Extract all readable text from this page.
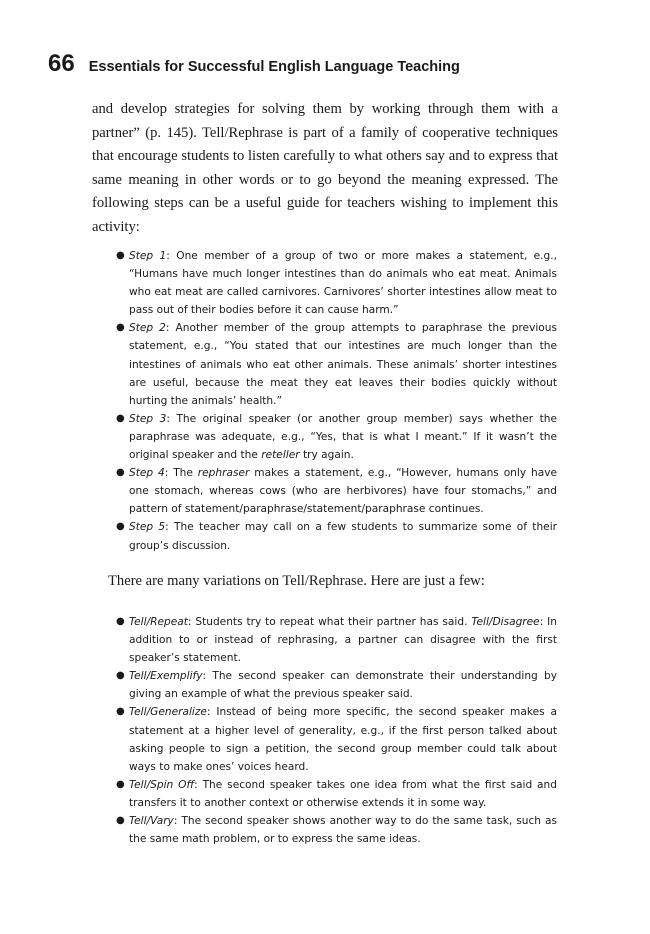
66 Essentials for Successful English Language Teaching

and develop strategies for solving them by working through them with a partner” (p. 145). Tell/Rephrase is part of a family of cooperative techniques that encourage students to listen carefully to what others say and to express that same meaning in other words or to go beyond the meaning expressed. The following steps can be a useful guide for teachers wishing to implement this activity:

● Step 1: One member of a group of two or more makes a statement, e.g., “Humans have much longer intestines than do animals who eat meat. Animals who eat meat are called carnivores. Carnivores’ shorter intestines allow meat to pass out of their bodies before it can cause harm.”
● Step 2: Another member of the group attempts to paraphrase the previous statement, e.g., “You stated that our intestines are much longer than the intestines of animals who eat other animals. These animals’ shorter intestines are useful, because the meat they eat leaves their bodies quickly without hurting the animals’ health.”
● Step 3: The original speaker (or another group member) says whether the paraphrase was adequate, e.g., “Yes, that is what I meant.” If it wasn’t the original speaker and the reteller try again.
● Step 4: The rephraser makes a statement, e.g., “However, humans only have one stomach, whereas cows (who are herbivores) have four stomachs,” and pattern of statement/paraphrase/statement/paraphrase continues.
● Step 5: The teacher may call on a few students to summarize some of their group’s discussion.

There are many variations on Tell/Rephrase. Here are just a few:

● Tell/Repeat: Students try to repeat what their partner has said. Tell/Disagree: In addition to or instead of rephrasing, a partner can disagree with the first speaker’s statement.
● Tell/Exemplify: The second speaker can demonstrate their understanding by giving an example of what the previous speaker said.
● Tell/Generalize: Instead of being more specific, the second speaker makes a statement at a higher level of generality, e.g., if the first person talked about asking people to sign a petition, the second group member could talk about ways to make ones’ voices heard.
● Tell/Spin Off: The second speaker takes one idea from what the first said and transfers it to another context or otherwise extends it in some way.
● Tell/Vary: The second speaker shows another way to do the same task, such as the same math problem, or to express the same ideas.
